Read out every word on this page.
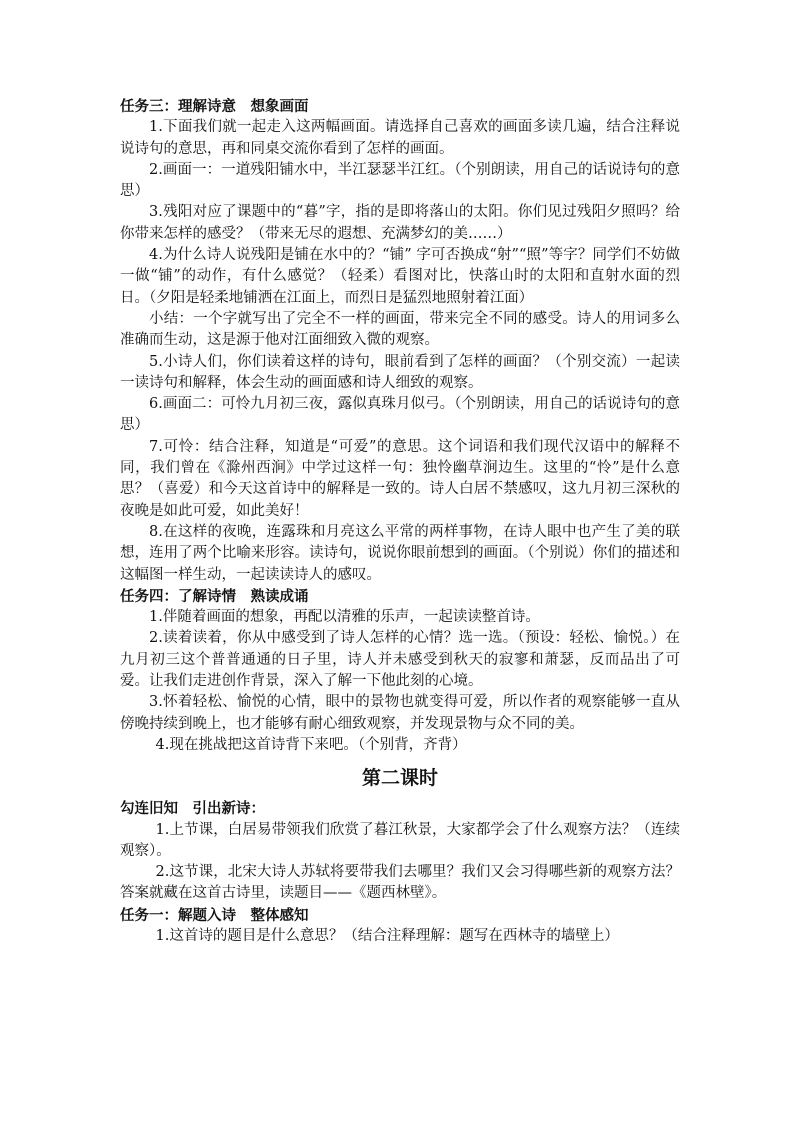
任务三：理解诗意　想象画面

1.下面我们就一起走入这两幅画面。请选择自己喜欢的画面多读几遍，结合注释说说诗句的意思，再和同桌交流你看到了怎样的画面。

2.画面一：一道残阳铺水中，半江瑟瑟半江红。（个别朗读，用自己的话说诗句的意思）

3.残阳对应了课题中的“暮”字，指的是即将落山的太阳。你们见过残阳夕照吗？给你带来怎样的感受？（带来无尽的遐想、充满梦幻的美……）

4.为什么诗人说残阳是铺在水中的？“铺” 字可否换成“射”“照”等字？同学们不妨做一做“铺”的动作，有什么感觉？（轻柔）看图对比，快落山时的太阳和直射水面的烈日。（夕阳是轻柔地铺洒在江面上，而烈日是猛烈地照射着江面）

小结：一个字就写出了完全不一样的画面，带来完全不同的感受。诗人的用词多么准确而生动，这是源于他对江面细致入微的观察。

5.小诗人们，你们读着这样的诗句，眼前看到了怎样的画面？（个别交流）一起读一读诗句和解释，体会生动的画面感和诗人细致的观察。

6.画面二：可怜九月初三夜，露似真珠月似弓。（个别朗读，用自己的话说诗句的意思）

7.可怜：结合注释，知道是“可爱”的意思。这个词语和我们现代汉语中的解释不同，我们曾在《滁州西涧》中学过这样一句：独怜幽草涧边生。这里的“怜”是什么意思？（喜爱）和今天这首诗中的解释是一致的。诗人白居不禁感叹，这九月初三深秋的夜晚是如此可爱，如此美好！

8.在这样的夜晚，连露珠和月亮这么平常的两样事物，在诗人眼中也产生了美的联想，连用了两个比喻来形容。读诗句，说说你眼前想到的画面。（个别说）你们的描述和这幅图一样生动，一起读读诗人的感叹。

任务四：了解诗情　熟读成诵

1.伴随着画面的想象，再配以清雅的乐声，一起读读整首诗。

2.读着读着，你从中感受到了诗人怎样的心情？选一选。（预设：轻松、愉悦。）在九月初三这个普普通通的日子里，诗人并未感受到秋天的寂寥和萧瑟，反而品出了可爱。让我们走进创作背景，深入了解一下他此刻的心境。

3.怀着轻松、愉悦的心情，眼中的景物也就变得可爱，所以作者的观察能够一直从傍晚持续到晚上，也才能够有耐心细致观察，并发现景物与众不同的美。

4.现在挑战把这首诗背下来吧。（个别背，齐背）

第二课时

勾连旧知　引出新诗：

1.上节课，白居易带领我们欣赏了暮江秋景，大家都学会了什么观察方法？（连续观察）。

2.这节课，北宋大诗人苏轼将要带我们去哪里？我们又会习得哪些新的观察方法？答案就藏在这首古诗里，读题目——《题西林壁》。

任务一：解题入诗　整体感知

1.这首诗的题目是什么意思？（结合注释理解：题写在西林寺的墙壁上）
